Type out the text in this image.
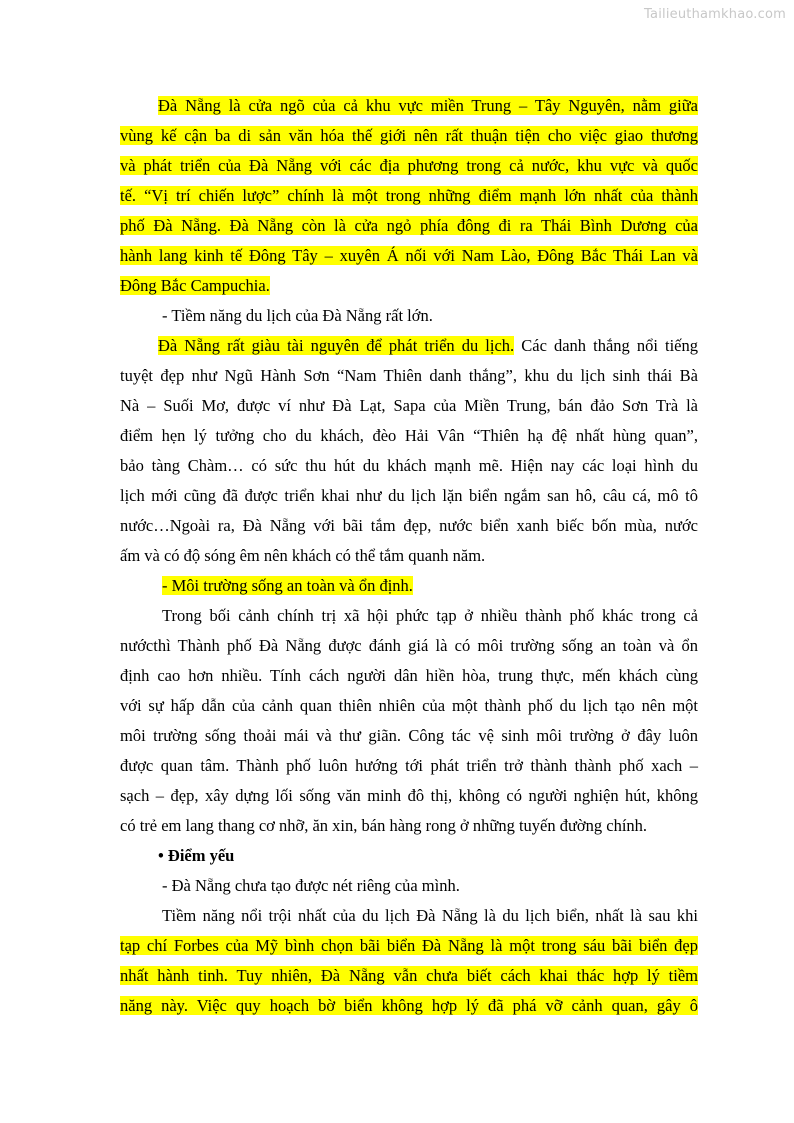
Tailieuthamkhao.com
Đà Nẵng là cửa ngõ của cả khu vực miền Trung – Tây Nguyên, nằm giữa
vùng kế cận ba di sản văn hóa thế giới nên rất thuận tiện cho việc giao thương
và phát triển của Đà Nẵng với các địa phương trong cả nước, khu vực và quốc
tế. “Vị trí chiến lược” chính là một trong những điểm mạnh lớn nhất của thành
phố Đà Nẵng. Đà Nẵng còn là cửa ngỏ phía đông đi ra Thái Bình Dương của
hành lang kinh tế Đông Tây – xuyên Á nối với Nam Lào, Đông Bắc Thái Lan và
Đông Bắc Campuchia.
- Tiềm năng du lịch của Đà Nẵng rất lớn.
Đà Nẵng rất giàu tài nguyên để phát triển du lịch. Các danh thắng nổi tiếng
tuyệt đẹp như Ngũ Hành Sơn “Nam Thiên danh thắng”, khu du lịch sinh thái Bà
Nà – Suối Mơ, được ví như Đà Lạt, Sapa của Miền Trung, bán đảo Sơn Trà là
điểm hẹn lý tưởng cho du khách, đèo Hải Vân “Thiên hạ đệ nhất hùng quan”,
bảo tàng Chàm… có sức thu hút du khách mạnh mẽ. Hiện nay các loại hình du
lịch mới cũng đã được triển khai như du lịch lặn biển ngắm san hô, câu cá, mô tô
nước…Ngoài ra, Đà Nẵng với bãi tắm đẹp, nước biển xanh biếc bốn mùa, nước
ấm và có độ sóng êm nên khách có thể tắm quanh năm.
- Môi trường sống an toàn và ổn định.
Trong bối cảnh chính trị xã hội phức tạp ở nhiều thành phố khác trong cả
nướcthì Thành phố Đà Nẵng được đánh giá là có môi trường sống an toàn và ổn
định cao hơn nhiều. Tính cách người dân hiền hòa, trung thực, mến khách cùng
với sự hấp dẫn của cảnh quan thiên nhiên của một thành phố du lịch tạo nên một
môi trường sống thoải mái và thư giãn. Công tác vệ sinh môi trường ở đây luôn
được quan tâm. Thành phố luôn hướng tới phát triển trở thành thành phố xach –
sạch – đẹp, xây dựng lối sống văn minh đô thị, không có người nghiện hút, không
có trẻ em lang thang cơ nhỡ, ăn xin, bán hàng rong ở những tuyến đường chính.
• Điểm yếu
- Đà Nẵng chưa tạo được nét riêng của mình.
Tiềm năng nổi trội nhất của du lịch Đà Nẵng là du lịch biển, nhất là sau khi
tạp chí Forbes của Mỹ bình chọn bãi biển Đà Nẵng là một trong sáu bãi biển đẹp
nhất hành tinh. Tuy nhiên, Đà Nẵng vẫn chưa biết cách khai thác hợp lý tiềm
năng này. Việc quy hoạch bờ biển không hợp lý đã phá vỡ cảnh quan, gây ô
